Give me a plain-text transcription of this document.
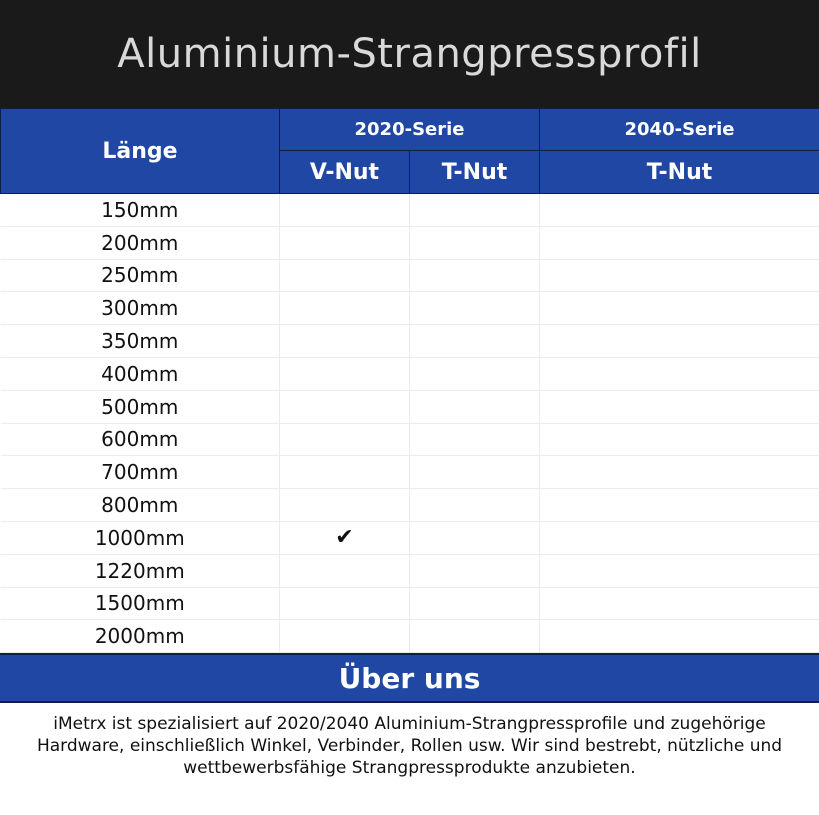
Aluminium-Strangpressprofil
Länge	2020-Serie		2040-Serie
	V-Nut	T-Nut	T-Nut
150mm			
200mm			
250mm			
300mm			
350mm			
400mm			
500mm			
600mm			
700mm			
800mm			
1000mm	✔		
1220mm			
1500mm			
2000mm			
Über uns
iMetrx ist spezialisiert auf 2020/2040 Aluminium-Strangpressprofile und zugehörige Hardware, einschließlich Winkel, Verbinder, Rollen usw. Wir sind bestrebt, nützliche und wettbewerbsfähige Strangpressprodukte anzubieten.
